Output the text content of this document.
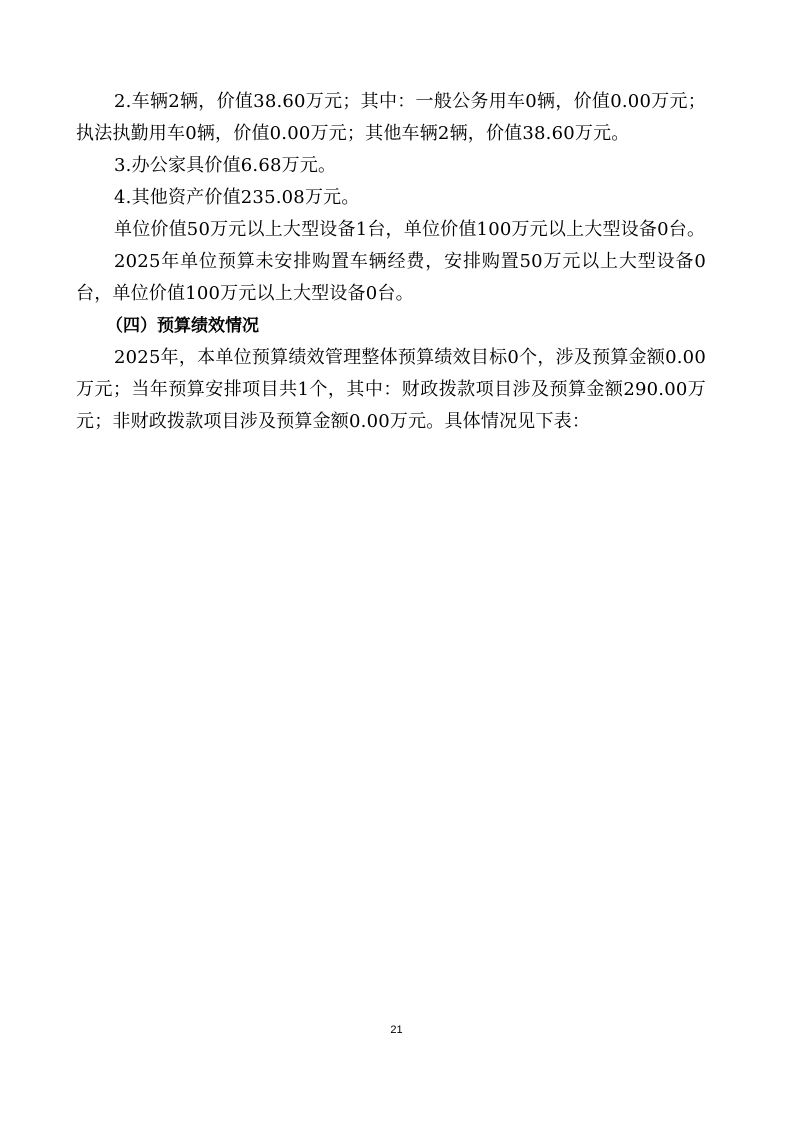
2.车辆2辆，价值38.60万元；其中：一般公务用车0辆，价值0.00万元；执法执勤用车0辆，价值0.00万元；其他车辆2辆，价值38.60万元。

3.办公家具价值6.68万元。

4.其他资产价值235.08万元。

单位价值50万元以上大型设备1台，单位价值100万元以上大型设备0台。

2025年单位预算未安排购置车辆经费，安排购置50万元以上大型设备0台，单位价值100万元以上大型设备0台。

（四）预算绩效情况

2025年，本单位预算绩效管理整体预算绩效目标0个，涉及预算金额0.00万元；当年预算安排项目共1个，其中：财政拨款项目涉及预算金额290.00万元；非财政拨款项目涉及预算金额0.00万元。具体情况见下表：

21
